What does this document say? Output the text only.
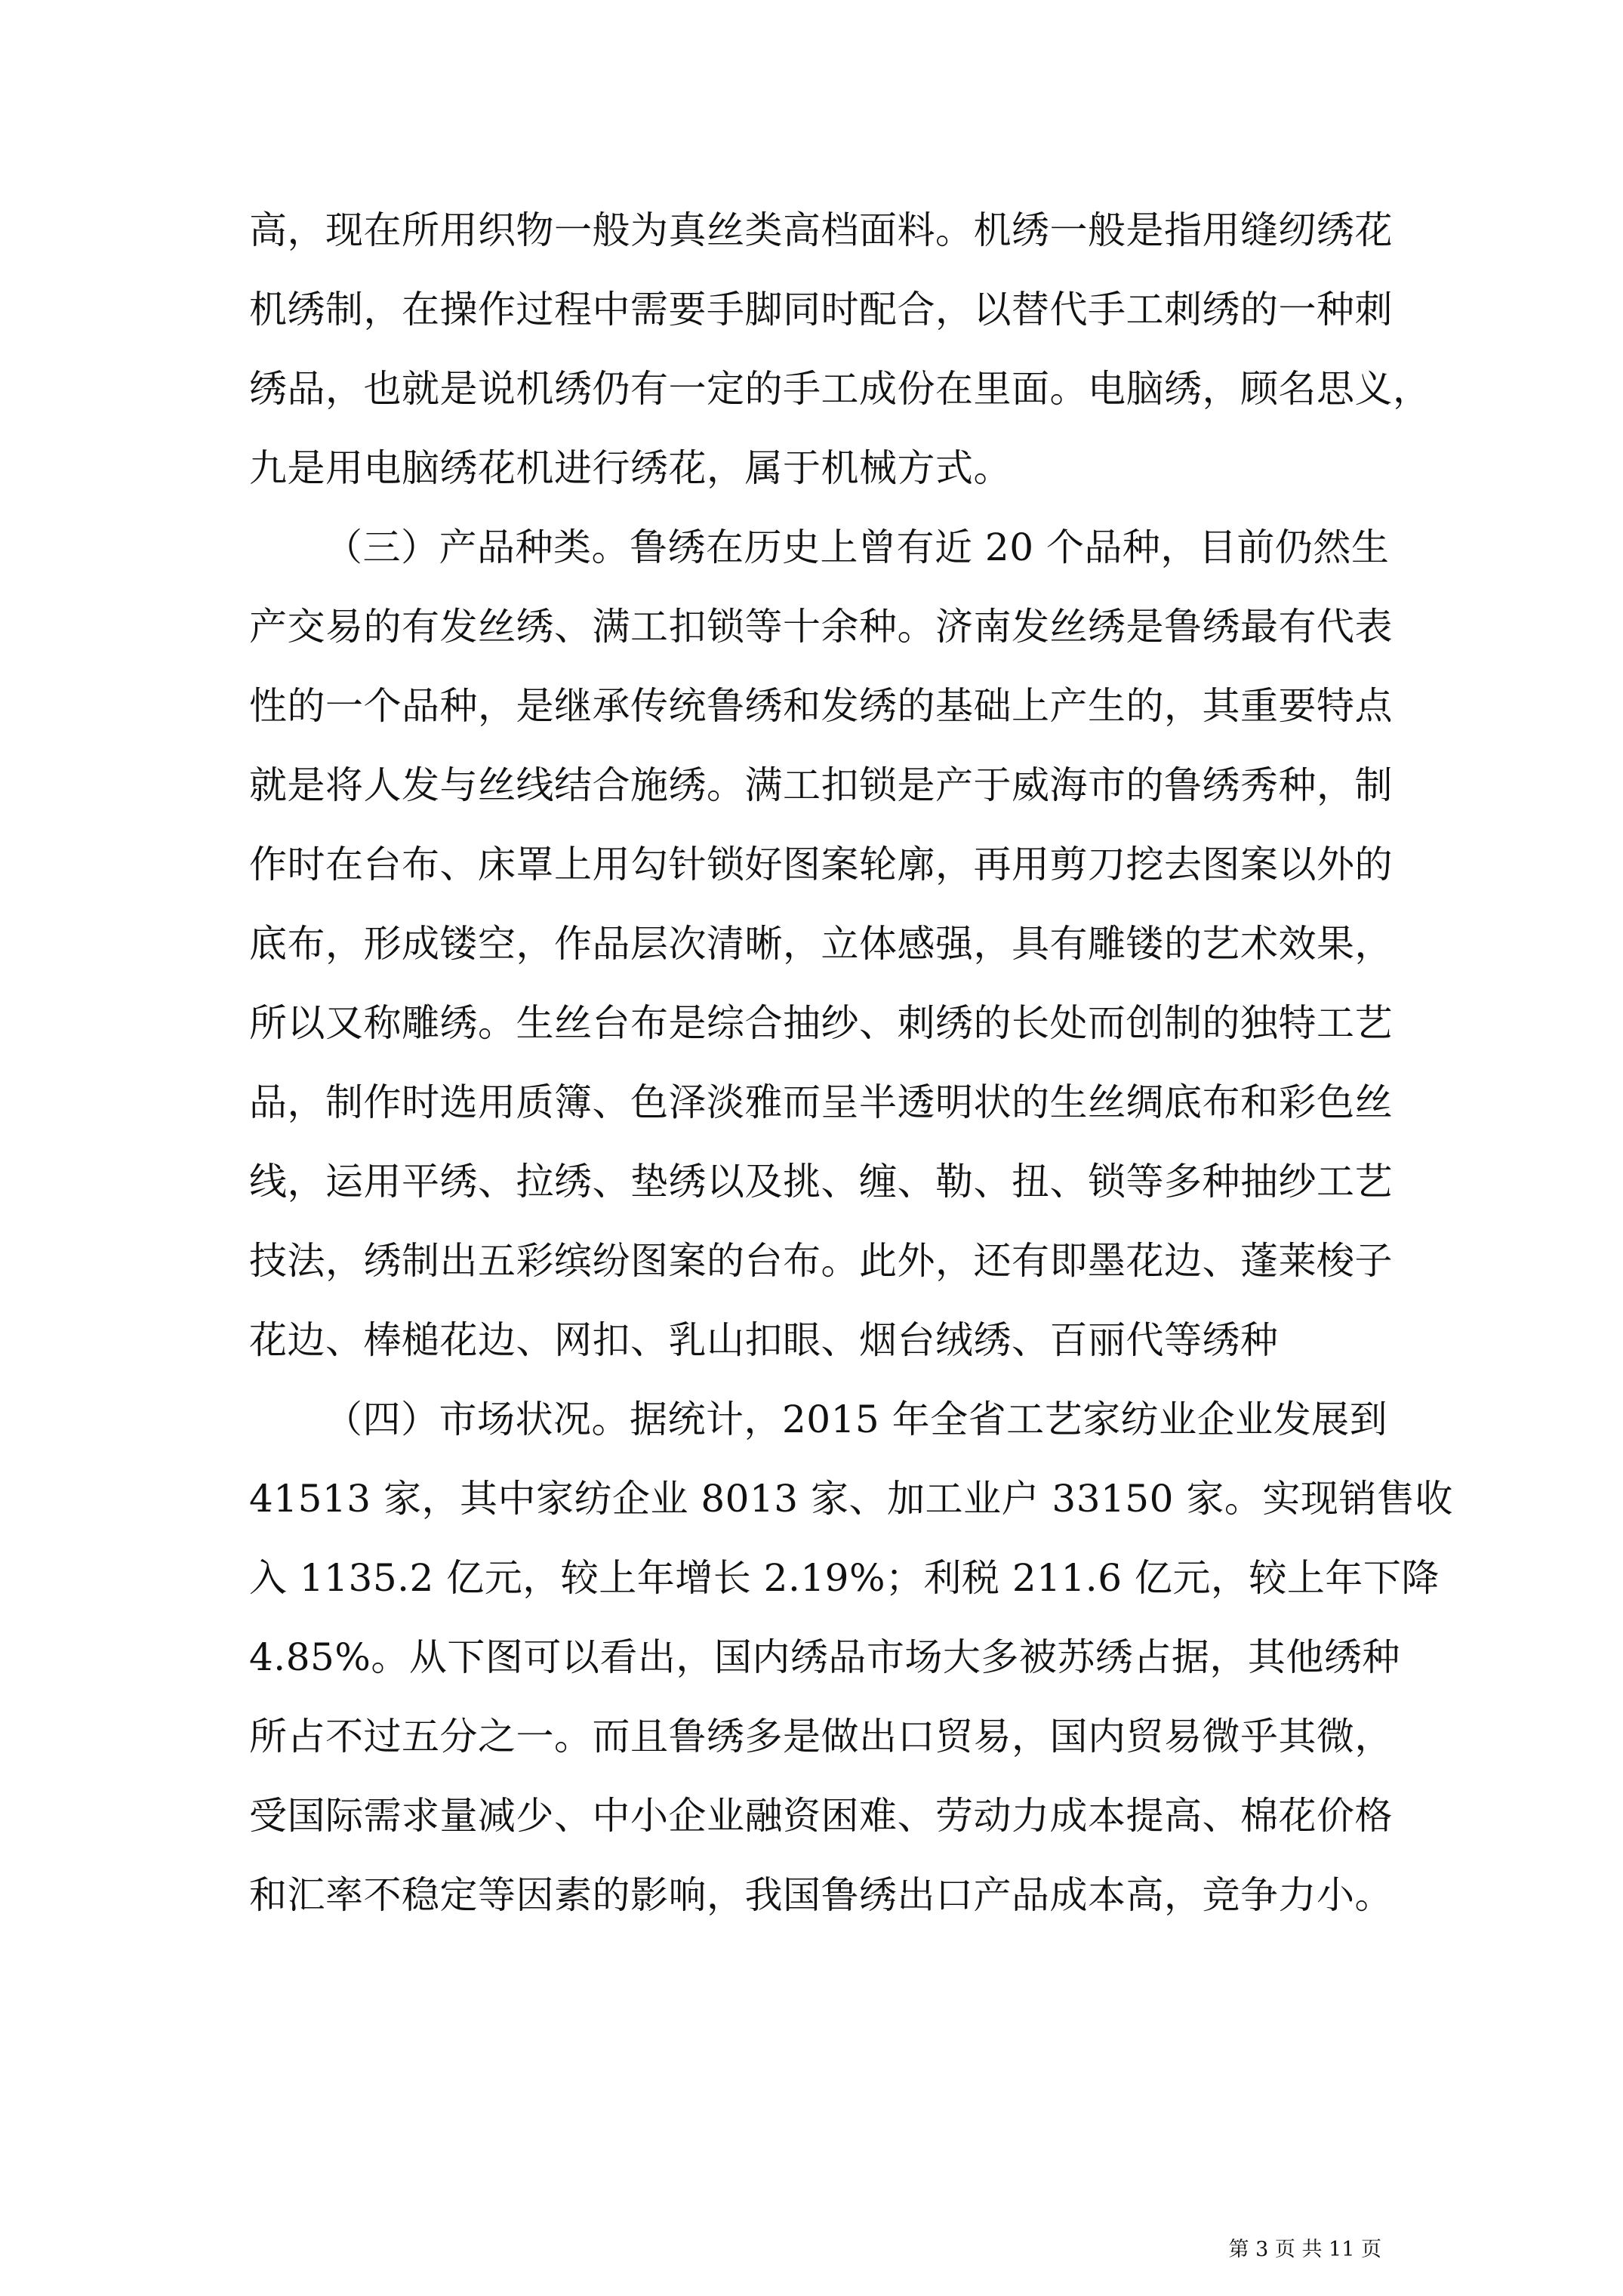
高，现在所用织物一般为真丝类高档面料。机绣一般是指用缝纫绣花
机绣制，在操作过程中需要手脚同时配合，以替代手工刺绣的一种刺
绣品，也就是说机绣仍有一定的手工成份在里面。电脑绣，顾名思义，
九是用电脑绣花机进行绣花，属于机械方式。
（三）产品种类。鲁绣在历史上曾有近 20 个品种，目前仍然生
产交易的有发丝绣、满工扣锁等十余种。济南发丝绣是鲁绣最有代表
性的一个品种，是继承传统鲁绣和发绣的基础上产生的，其重要特点
就是将人发与丝线结合施绣。满工扣锁是产于威海市的鲁绣秀种，制
作时在台布、床罩上用勾针锁好图案轮廓，再用剪刀挖去图案以外的
底布，形成镂空，作品层次清晰，立体感强，具有雕镂的艺术效果，
所以又称雕绣。生丝台布是综合抽纱、刺绣的长处而创制的独特工艺
品，制作时选用质簿、色泽淡雅而呈半透明状的生丝绸底布和彩色丝
线，运用平绣、拉绣、垫绣以及挑、缠、勒、扭、锁等多种抽纱工艺
技法，绣制出五彩缤纷图案的台布。此外，还有即墨花边、蓬莱梭子
花边、棒槌花边、网扣、乳山扣眼、烟台绒绣、百丽代等绣种
（四）市场状况。据统计，2015 年全省工艺家纺业企业发展到
41513 家，其中家纺企业 8013 家、加工业户 33150 家。实现销售收
入 1135.2 亿元，较上年增长 2.19%；利税 211.6 亿元，较上年下降
4.85%。从下图可以看出，国内绣品市场大多被苏绣占据，其他绣种
所占不过五分之一。而且鲁绣多是做出口贸易，国内贸易微乎其微，
受国际需求量减少、中小企业融资困难、劳动力成本提高、棉花价格
和汇率不稳定等因素的影响，我国鲁绣出口产品成本高，竞争力小。
第 3 页 共 11 页
